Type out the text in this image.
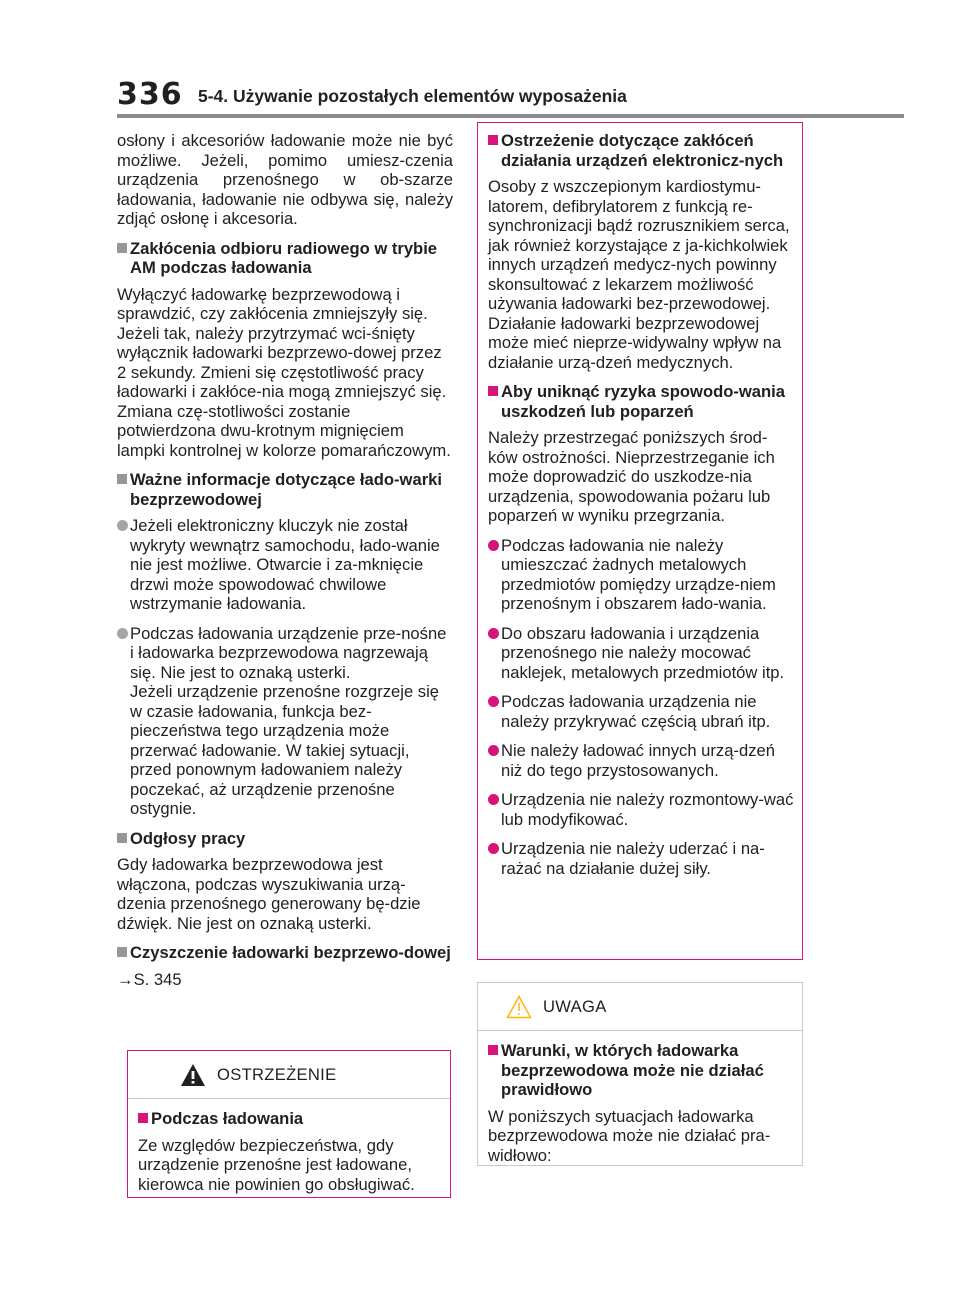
336 5-4. Używanie pozostałych elementów wyposażenia

osłony i akcesoriów ładowanie może nie być możliwe. Jeżeli, pomimo umiesz-czenia urządzenia przenośnego w ob-szarze ładowania, ładowanie nie odbywa się, należy zdjąć osłonę i akcesoria.

Zakłócenia odbioru radiowego w trybie AM podczas ładowania

Wyłączyć ładowarkę bezprzewodową i sprawdzić, czy zakłócenia zmniejszyły się. Jeżeli tak, należy przytrzymać wci-śnięty wyłącznik ładowarki bezprzewo-dowej przez 2 sekundy. Zmieni się częstotliwość pracy ładowarki i zakłóce-nia mogą zmniejszyć się. Zmiana czę-stotliwości zostanie potwierdzona dwu-krotnym mignięciem lampki kontrolnej w kolorze pomarańczowym.

Ważne informacje dotyczące łado-warki bezprzewodowej
Jeżeli elektroniczny kluczyk nie został wykryty wewnątrz samochodu, łado-wanie nie jest możliwe. Otwarcie i za-mknięcie drzwi może spowodować chwilowe wstrzymanie ładowania.
Podczas ładowania urządzenie prze-nośne i ładowarka bezprzewodowa nagrzewają się. Nie jest to oznaką usterki.
Jeżeli urządzenie przenośne rozgrzeje się w czasie ładowania, funkcja bez-pieczeństwa tego urządzenia może przerwać ładowanie. W takiej sytuacji, przed ponownym ładowaniem należy poczekać, aż urządzenie przenośne ostygnie.
Odgłosy pracy

Gdy ładowarka bezprzewodowa jest włączona, podczas wyszukiwania urzą-dzenia przenośnego generowany bę-dzie dźwięk. Nie jest on oznaką usterki.

Czyszczenie ładowarki bezprzewo-dowej

→S. 345

OSTRZEŻENIE
Podczas ładowania

Ze względów bezpieczeństwa, gdy urządzenie przenośne jest ładowane, kierowca nie powinien go obsługiwać.

Ostrzeżenie dotyczące zakłóceń działania urządzeń elektronicz-nych

Osoby z wszczepionym kardiostymu-latorem, defibrylatorem z funkcją re-synchronizacji bądź rozrusznikiem serca, jak również korzystające z ja-kichkolwiek innych urządzeń medycz-nych powinny skonsultować z lekarzem możliwość używania ładowarki bez-przewodowej. Działanie ładowarki bezprzewodowej może mieć nieprze-widywalny wpływ na działanie urzą-dzeń medycznych.

Aby uniknąć ryzyka spowodo-wania uszkodzeń lub poparzeń

Należy przestrzegać poniższych środ-ków ostrożności. Nieprzestrzeganie ich może doprowadzić do uszkodze-nia urządzenia, spowodowania pożaru lub poparzeń w wyniku przegrzania.

Podczas ładowania nie należy umieszczać żadnych metalowych przedmiotów pomiędzy urządze-niem przenośnym i obszarem łado-wania.
Do obszaru ładowania i urządzenia przenośnego nie należy mocować naklejek, metalowych przedmiotów itp.
Podczas ładowania urządzenia nie należy przykrywać częścią ubrań itp.
Nie należy ładować innych urzą-dzeń niż do tego przystosowanych.
Urządzenia nie należy rozmontowy-wać lub modyfikować.
Urządzenia nie należy uderzać i na-rażać na działanie dużej siły.
UWAGA
Warunki, w których ładowarka bezprzewodowa może nie działać prawidłowo

W poniższych sytuacjach ładowarka bezprzewodowa może nie działać pra-widłowo:
